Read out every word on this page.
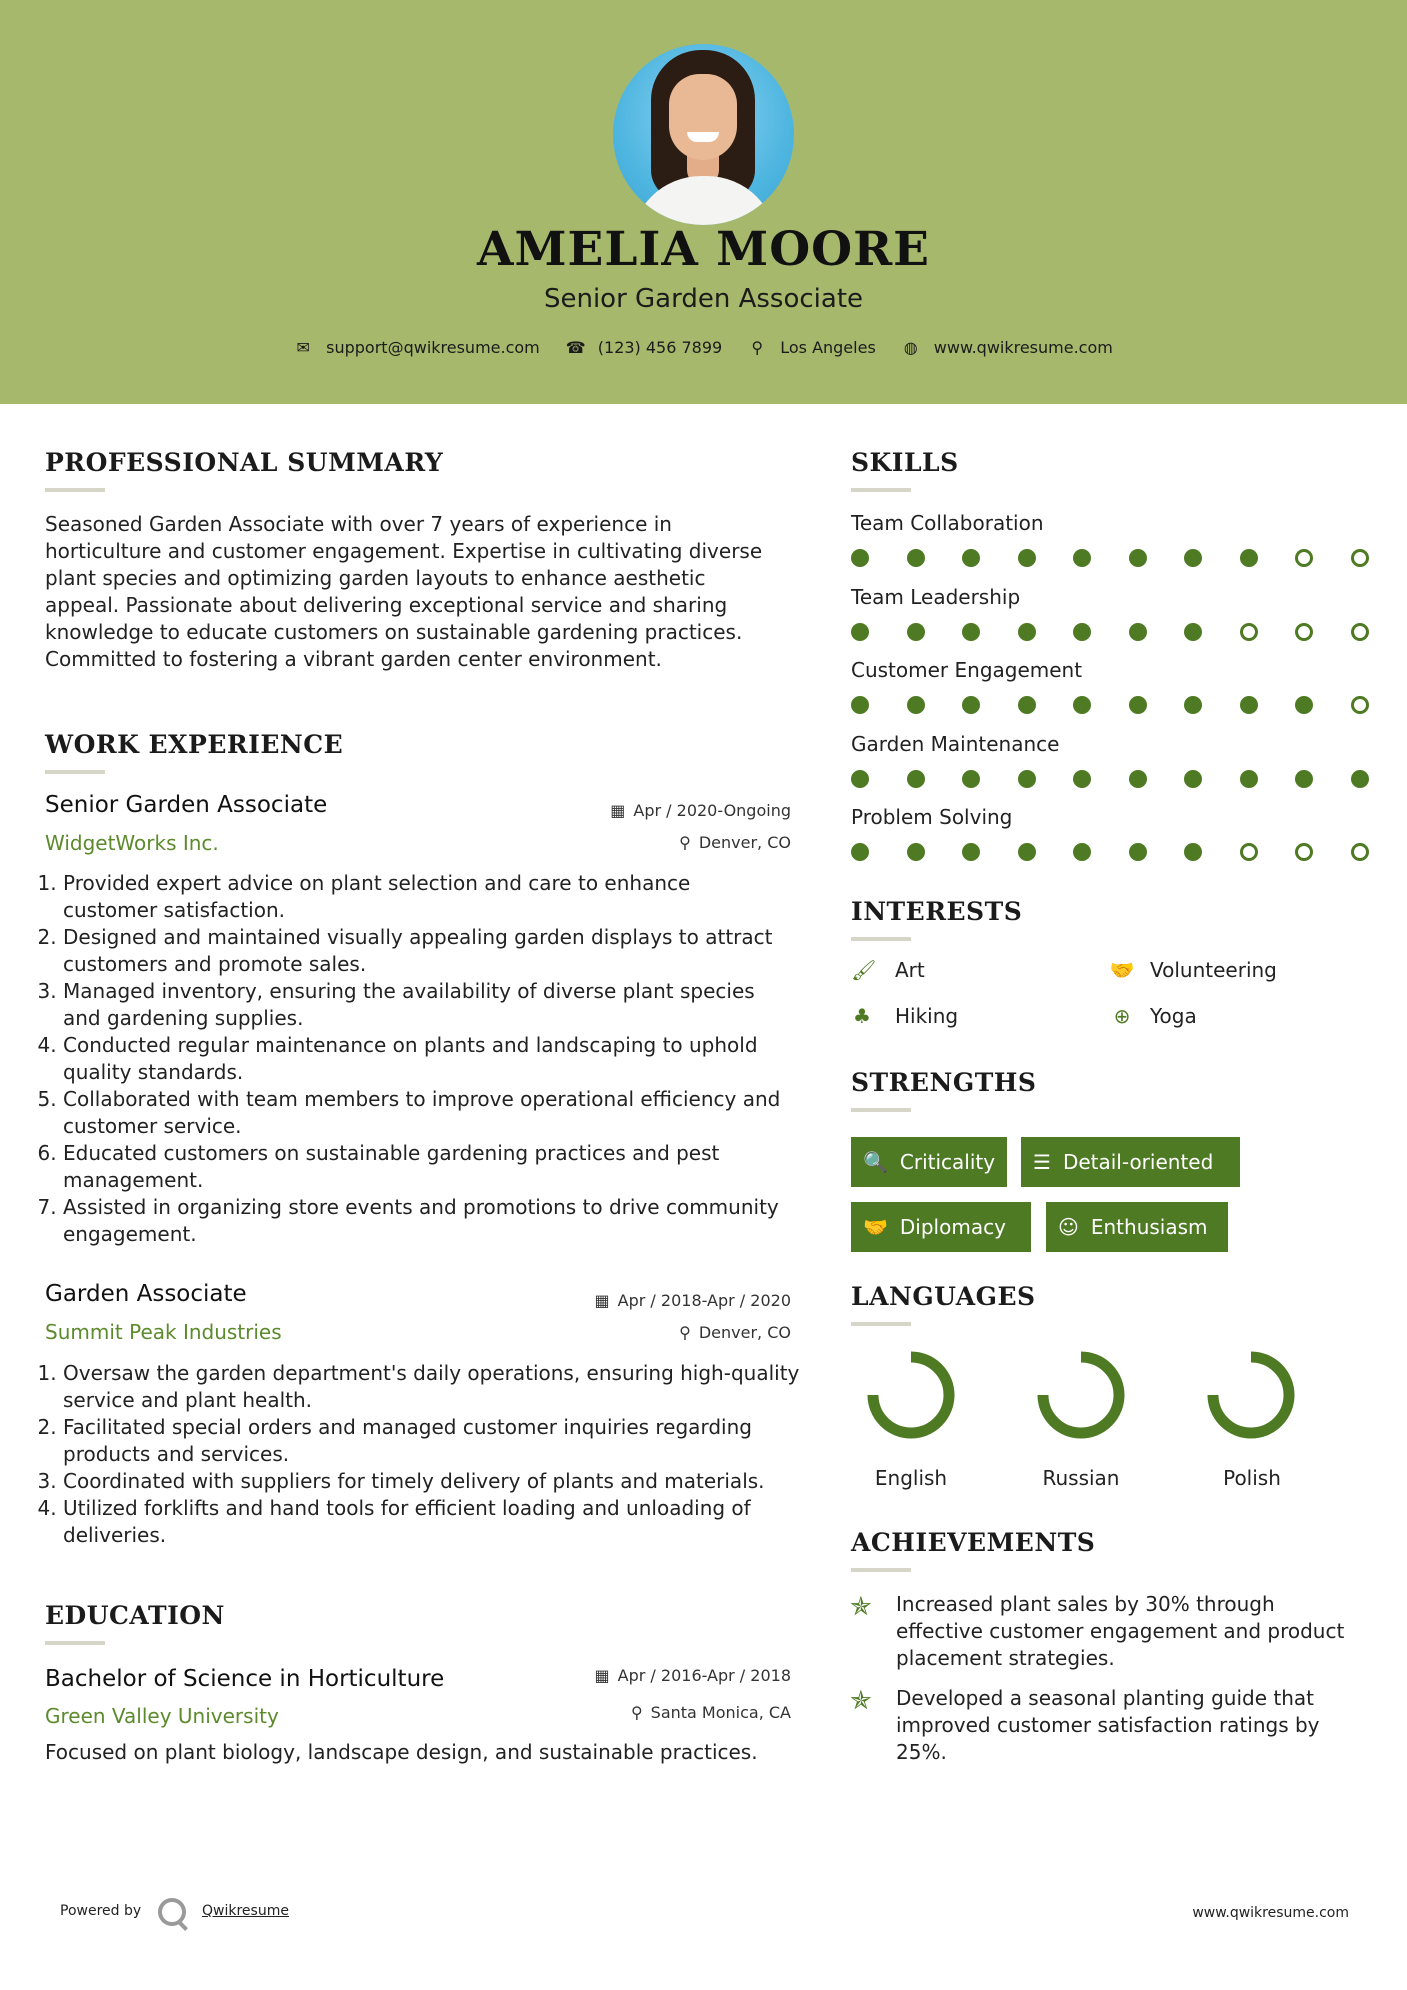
AMELIA MOORE
Senior Garden Associate
✉ support@qwikresume.com ☎ (123) 456 7899 ⚲ Los Angeles ◍ www.qwikresume.com
PROFESSIONAL SUMMARY
Seasoned Garden Associate with over 7 years of experience in horticulture and customer engagement. Expertise in cultivating diverse plant species and optimizing garden layouts to enhance aesthetic appeal. Passionate about delivering exceptional service and sharing knowledge to educate customers on sustainable gardening practices. Committed to fostering a vibrant garden center environment.
WORK EXPERIENCE
Senior Garden Associate	▦ Apr / 2020-Ongoing
WidgetWorks Inc.	⚲ Denver, CO
1. Provided expert advice on plant selection and care to enhance customer satisfaction.
2. Designed and maintained visually appealing garden displays to attract customers and promote sales.
3. Managed inventory, ensuring the availability of diverse plant species and gardening supplies.
4. Conducted regular maintenance on plants and landscaping to uphold quality standards.
5. Collaborated with team members to improve operational efficiency and customer service.
6. Educated customers on sustainable gardening practices and pest management.
7. Assisted in organizing store events and promotions to drive community engagement.
Garden Associate	▦ Apr / 2018-Apr / 2020
Summit Peak Industries	⚲ Denver, CO
1. Oversaw the garden department's daily operations, ensuring high-quality service and plant health.
2. Facilitated special orders and managed customer inquiries regarding products and services.
3. Coordinated with suppliers for timely delivery of plants and materials.
4. Utilized forklifts and hand tools for efficient loading and unloading of deliveries.
EDUCATION
Bachelor of Science in Horticulture	▦ Apr / 2016-Apr / 2018
Green Valley University	⚲ Santa Monica, CA
Focused on plant biology, landscape design, and sustainable practices.
SKILLS
Team Collaboration
Team Leadership
Customer Engagement
Garden Maintenance
Problem Solving
INTERESTS
🖌 Art	🤝 Volunteering
♣ Hiking	⊕ Yoga
STRENGTHS
🔍 Criticality ☰ Detail-oriented
🤝 Diplomacy	☺ Enthusiasm
LANGUAGES
English	Russian	Polish
ACHIEVEMENTS
✯ Increased plant sales by 30% through effective customer engagement and product placement strategies.
✯ Developed a seasonal planting guide that improved customer satisfaction ratings by 25%.
Powered by	Qwikresume	www.qwikresume.com
